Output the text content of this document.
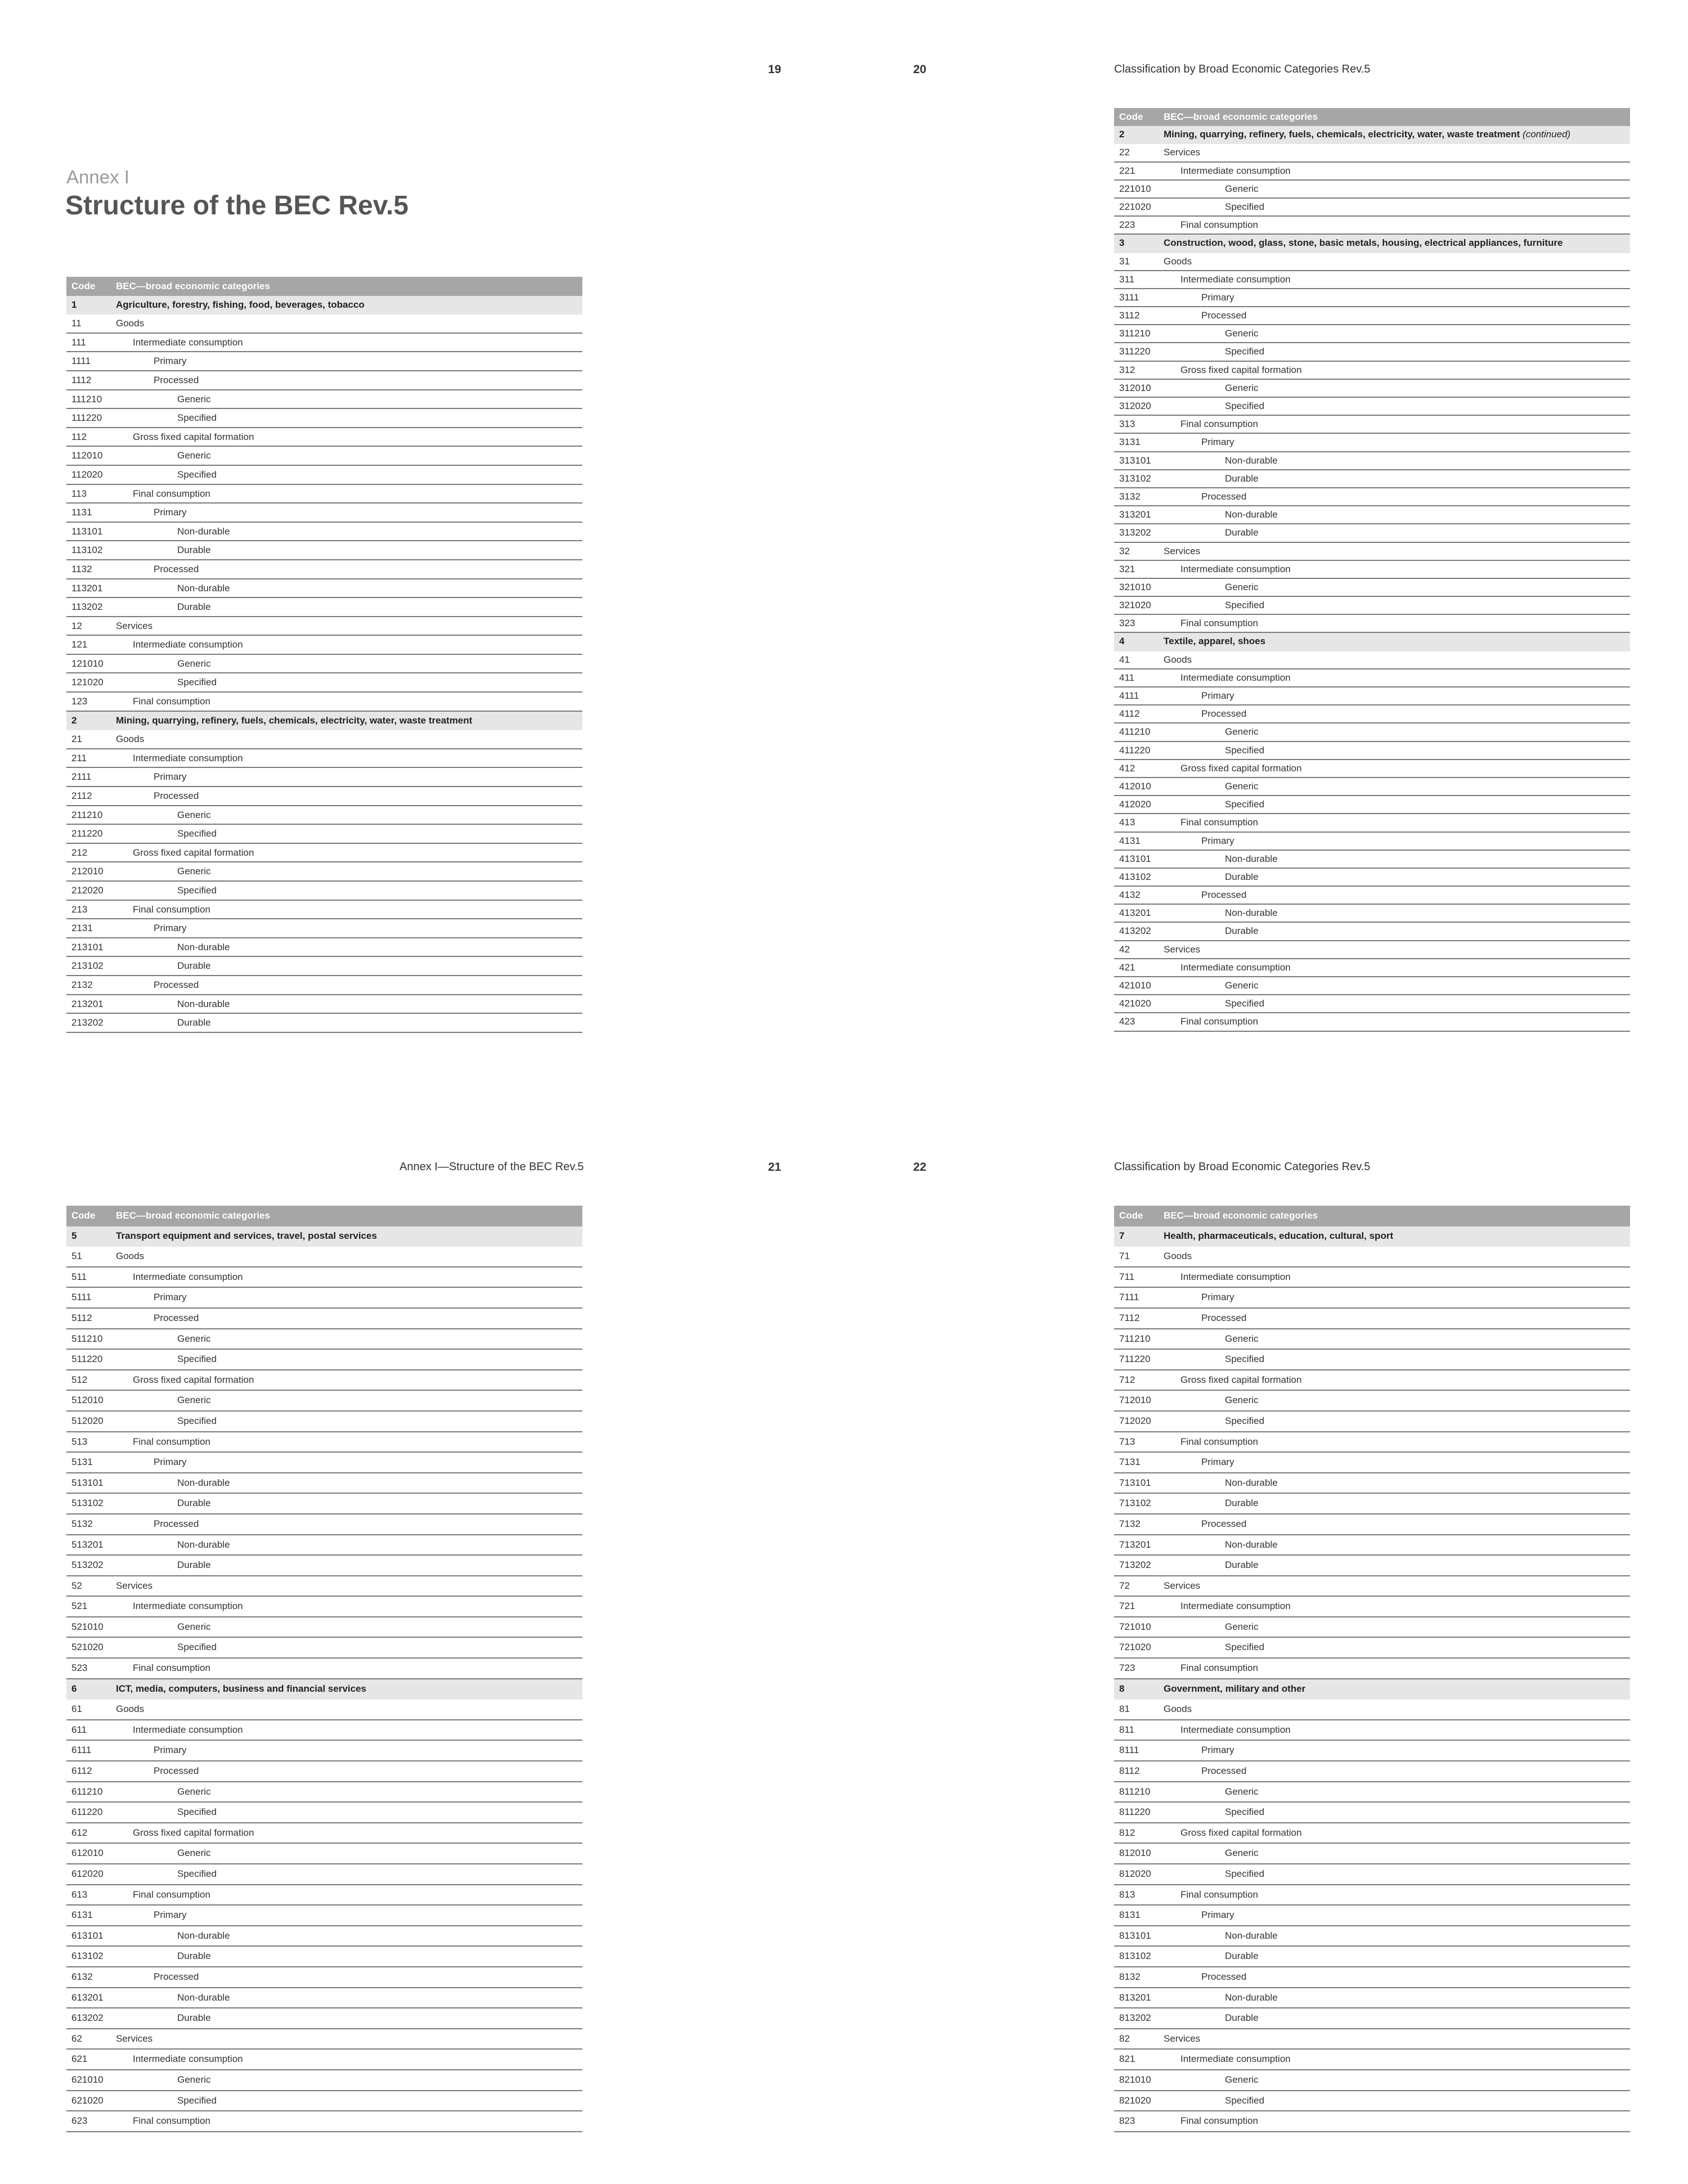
19	20	Classification by Broad Economic Categories Rev.5
Annex I—Structure of the BEC Rev.5	21	22	Classification by Broad Economic Categories Rev.5
Annex I
Structure of the BEC Rev.5
Code	BEC—broad economic categories
1	Agriculture, forestry, fishing, food, beverages, tobacco
11	Goods
111	Intermediate consumption
1111	Primary
1112	Processed
111210	Generic
111220	Specified
112	Gross fixed capital formation
112010	Generic
112020	Specified
113	Final consumption
1131	Primary
113101	Non-durable
113102	Durable
1132	Processed
113201	Non-durable
113202	Durable
12	Services
121	Intermediate consumption
121010	Generic
121020	Specified
123	Final consumption
2	Mining, quarrying, refinery, fuels, chemicals, electricity, water, waste treatment
21	Goods
211	Intermediate consumption
2111	Primary
2112	Processed
211210	Generic
211220	Specified
212	Gross fixed capital formation
212010	Generic
212020	Specified
213	Final consumption
2131	Primary
213101	Non-durable
213102	Durable
2132	Processed
213201	Non-durable
213202	Durable
Code	BEC—broad economic categories
2	Mining, quarrying, refinery, fuels, chemicals, electricity, water, waste treatment (continued)
22	Services
221	Intermediate consumption
221010	Generic
221020	Specified
223	Final consumption
3	Construction, wood, glass, stone, basic metals, housing, electrical appliances, furniture
31	Goods
311	Intermediate consumption
3111	Primary
3112	Processed
311210	Generic
311220	Specified
312	Gross fixed capital formation
312010	Generic
312020	Specified
313	Final consumption
3131	Primary
313101	Non-durable
313102	Durable
3132	Processed
313201	Non-durable
313202	Durable
32	Services
321	Intermediate consumption
321010	Generic
321020	Specified
323	Final consumption
4	Textile, apparel, shoes
41	Goods
411	Intermediate consumption
4111	Primary
4112	Processed
411210	Generic
411220	Specified
412	Gross fixed capital formation
412010	Generic
412020	Specified
413	Final consumption
4131	Primary
413101	Non-durable
413102	Durable
4132	Processed
413201	Non-durable
413202	Durable
42	Services
421	Intermediate consumption
421010	Generic
421020	Specified
423	Final consumption
Code	BEC—broad economic categories
5	Transport equipment and services, travel, postal services
51	Goods
511	Intermediate consumption
5111	Primary
5112	Processed
511210	Generic
511220	Specified
512	Gross fixed capital formation
512010	Generic
512020	Specified
513	Final consumption
5131	Primary
513101	Non-durable
513102	Durable
5132	Processed
513201	Non-durable
513202	Durable
52	Services
521	Intermediate consumption
521010	Generic
521020	Specified
523	Final consumption
6	ICT, media, computers, business and financial services
61	Goods
611	Intermediate consumption
6111	Primary
6112	Processed
611210	Generic
611220	Specified
612	Gross fixed capital formation
612010	Generic
612020	Specified
613	Final consumption
6131	Primary
613101	Non-durable
613102	Durable
6132	Processed
613201	Non-durable
613202	Durable
62	Services
621	Intermediate consumption
621010	Generic
621020	Specified
623	Final consumption
Code	BEC—broad economic categories
7	Health, pharmaceuticals, education, cultural, sport
71	Goods
711	Intermediate consumption
7111	Primary
7112	Processed
711210	Generic
711220	Specified
712	Gross fixed capital formation
712010	Generic
712020	Specified
713	Final consumption
7131	Primary
713101	Non-durable
713102	Durable
7132	Processed
713201	Non-durable
713202	Durable
72	Services
721	Intermediate consumption
721010	Generic
721020	Specified
723	Final consumption
8	Government, military and other
81	Goods
811	Intermediate consumption
8111	Primary
8112	Processed
811210	Generic
811220	Specified
812	Gross fixed capital formation
812010	Generic
812020	Specified
813	Final consumption
8131	Primary
813101	Non-durable
813102	Durable
8132	Processed
813201	Non-durable
813202	Durable
82	Services
821	Intermediate consumption
821010	Generic
821020	Specified
823	Final consumption
